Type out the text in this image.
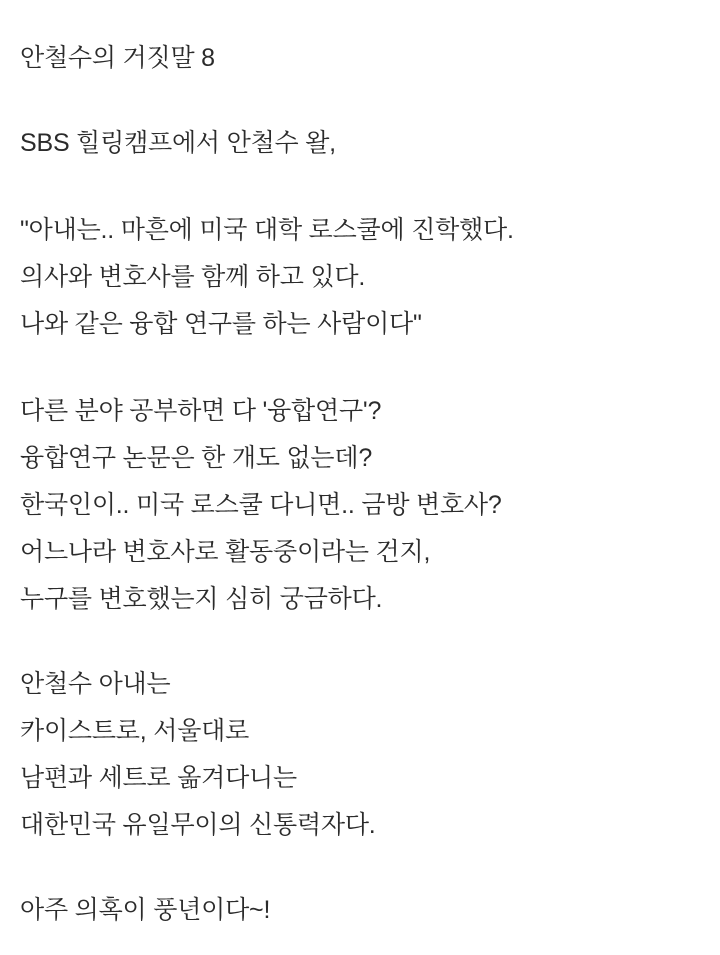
안철수의 거짓말 8
SBS 힐링캠프에서 안철수 왈,
"아내는.. 마흔에 미국 대학 로스쿨에 진학했다.
의사와 변호사를 함께 하고 있다.
나와 같은 융합 연구를 하는 사람이다"
다른 분야 공부하면 다 '융합연구'?
융합연구 논문은 한 개도 없는데?
한국인이.. 미국 로스쿨 다니면.. 금방 변호사?
어느나라 변호사로 활동중이라는 건지,
누구를 변호했는지 심히 궁금하다.
안철수 아내는
카이스트로, 서울대로
남편과 세트로 옮겨다니는
대한민국 유일무이의 신통력자다.
아주 의혹이 풍년이다~!
